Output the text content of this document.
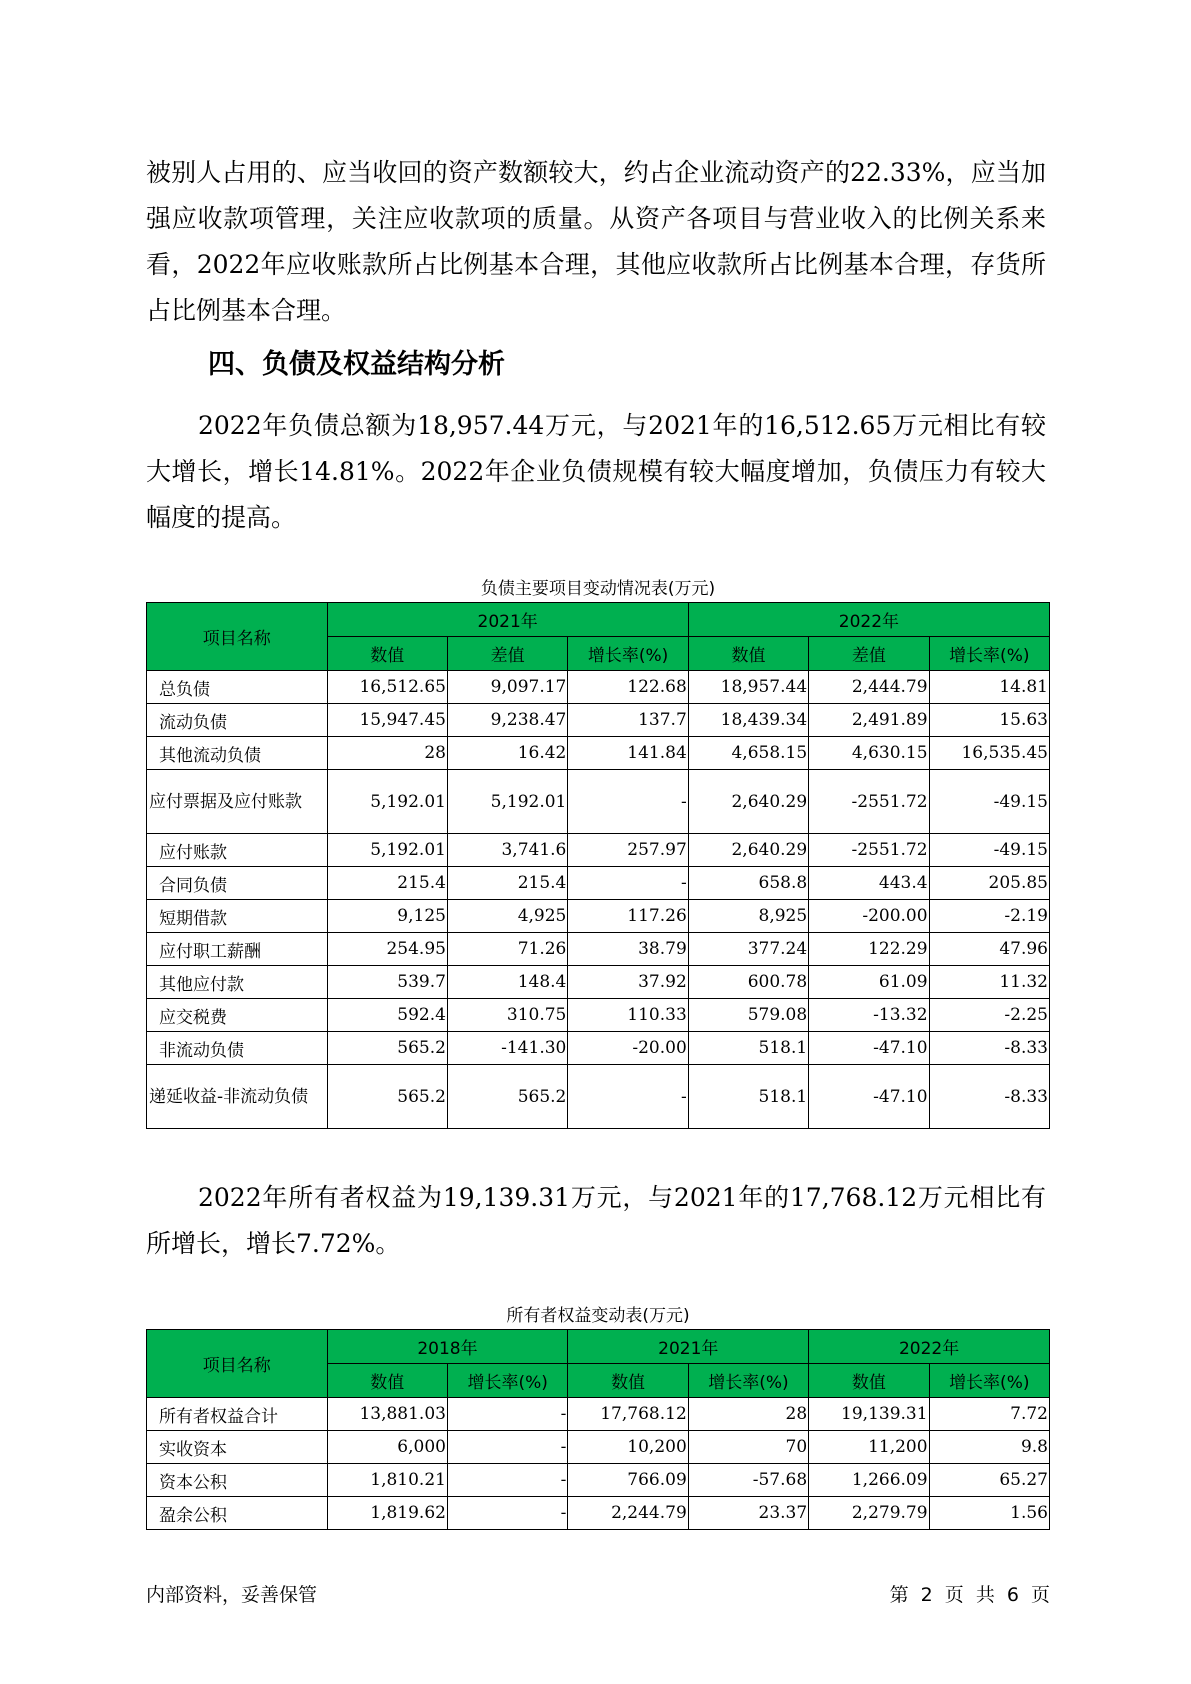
被别人占用的、应当收回的资产数额较大，约占企业流动资产的22.33%，应当加强应收款项管理，关注应收款项的质量。从资产各项目与营业收入的比例关系来看，2022年应收账款所占比例基本合理，其他应收款所占比例基本合理，存货所占比例基本合理。
四、负债及权益结构分析
2022年负债总额为18,957.44万元，与2021年的16,512.65万元相比有较大增长，增长14.81%。2022年企业负债规模有较大幅度增加，负债压力有较大幅度的提高。
负债主要项目变动情况表(万元)
项目名称	2021年			2022年		
	数值	差值	增长率(%)	数值	差值	增长率(%)
总负债	16,512.65	9,097.17	122.68	18,957.44	2,444.79	14.81
流动负债	15,947.45	9,238.47	137.7	18,439.34	2,491.89	15.63
其他流动负债	28	16.42	141.84	4,658.15	4,630.15	16,535.45
应付票据及应付账款	5,192.01	5,192.01	-	2,640.29	-2551.72	-49.15
应付账款	5,192.01	3,741.6	257.97	2,640.29	-2551.72	-49.15
合同负债	215.4	215.4	-	658.8	443.4	205.85
短期借款	9,125	4,925	117.26	8,925	-200.00	-2.19
应付职工薪酬	254.95	71.26	38.79	377.24	122.29	47.96
其他应付款	539.7	148.4	37.92	600.78	61.09	11.32
应交税费	592.4	310.75	110.33	579.08	-13.32	-2.25
非流动负债	565.2	-141.30	-20.00	518.1	-47.10	-8.33
递延收益-非流动负债	565.2	565.2	-	518.1	-47.10	-8.33
2022年所有者权益为19,139.31万元，与2021年的17,768.12万元相比有所增长，增长7.72%。
所有者权益变动表(万元)
项目名称	2018年		2021年		2022年	
	数值	增长率(%)	数值	增长率(%)	数值	增长率(%)
所有者权益合计	13,881.03	-	17,768.12	28	19,139.31	7.72
实收资本	6,000	-	10,200	70	11,200	9.8
资本公积	1,810.21	-	766.09	-57.68	1,266.09	65.27
盈余公积	1,819.62	-	2,244.79	23.37	2,279.79	1.56
内部资料，妥善保管	第 2 页 共 6 页
